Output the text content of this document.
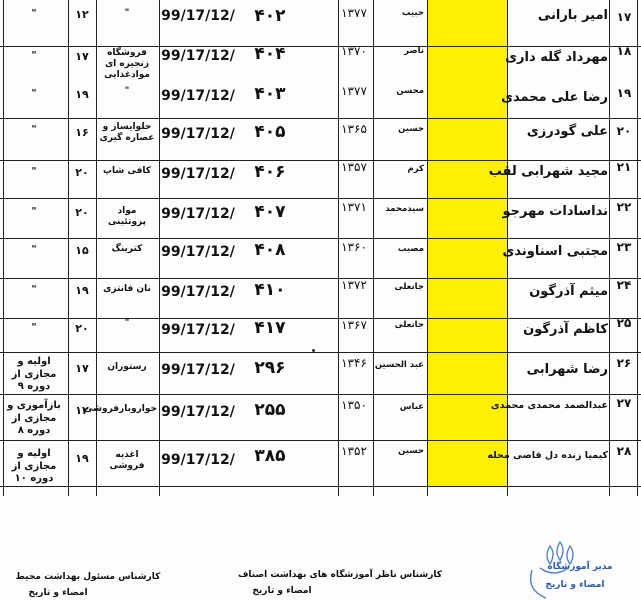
١٧
امیر بارانی
حبیب
۱۳۷۷
۴۰۲
99/17/12/
"
۱۲
"
۱۸
مهرداد گله داری
ناصر
۱۳۷۰
۴۰۴
99/17/12/
فروشگاه زنجیره ای موادغذایی
۱۷
"
١٩
رضا علی محمدی
محسن
۱۳۷۷
۴۰۳
99/17/12/
"
۱۹
"
۲۰
علی گودرزی
حسین
۱۳۶۵
۴۰۵
99/17/12/
حلوایساز و عصاره گیری
۱۶
"
۲۱
مجید شهرابی لقب
کرم
۱۳۵۷
۴۰۶
99/17/12/
کافی شاپ
۲۰
"
۲۲
نداسادات مهرجو
سیدمحمد
۱۳۷۱
۴۰۷
99/17/12/
مواد پروتئینی
۲۰
"
۲۳
مجتبی اسناوندی
مصیب
۱۳۶۰
۴۰۸
99/17/12/
کترینگ
۱۵
"
۲۴
میثم آذرگون
جانعلی
۱۳۷۲
۴۱۰
99/17/12/
نان فانتزی
۱۹
"
۲۵
کاظم آذرگون
جانعلی
۱۳۶۷
۴۱۷
99/17/12/
"
۲۰
"
۲۶
رضا شهرابی
عبد الحسین
۱۳۴۶
۲۹۶
99/17/12/
رستوران
۱۷
اولیه و مجازی از دوره ۹
۲۷
عبدالصمد محمدی محمدی
عباس
۱۳۵۰
۲۵۵
99/17/12/
خواروبارفروشی
۱۲
بازآموزی و مجازی از دوره ۸
۲۸
کیمیا زنده دل قاضی محله
حسین
۱۳۵۲
۳۸۵
99/17/12/
اغذیه فروشی
۱۹
اولیه و مجازی از دوره ۱۰
کارشناس مسئول بهداشت محیط
امضاء و تاریخ
کارشناس ناظر آموزشگاه های بهداشت اصناف
امضاء و تاریخ
مدیر آموزشگاه
امضاء و تاریخ
